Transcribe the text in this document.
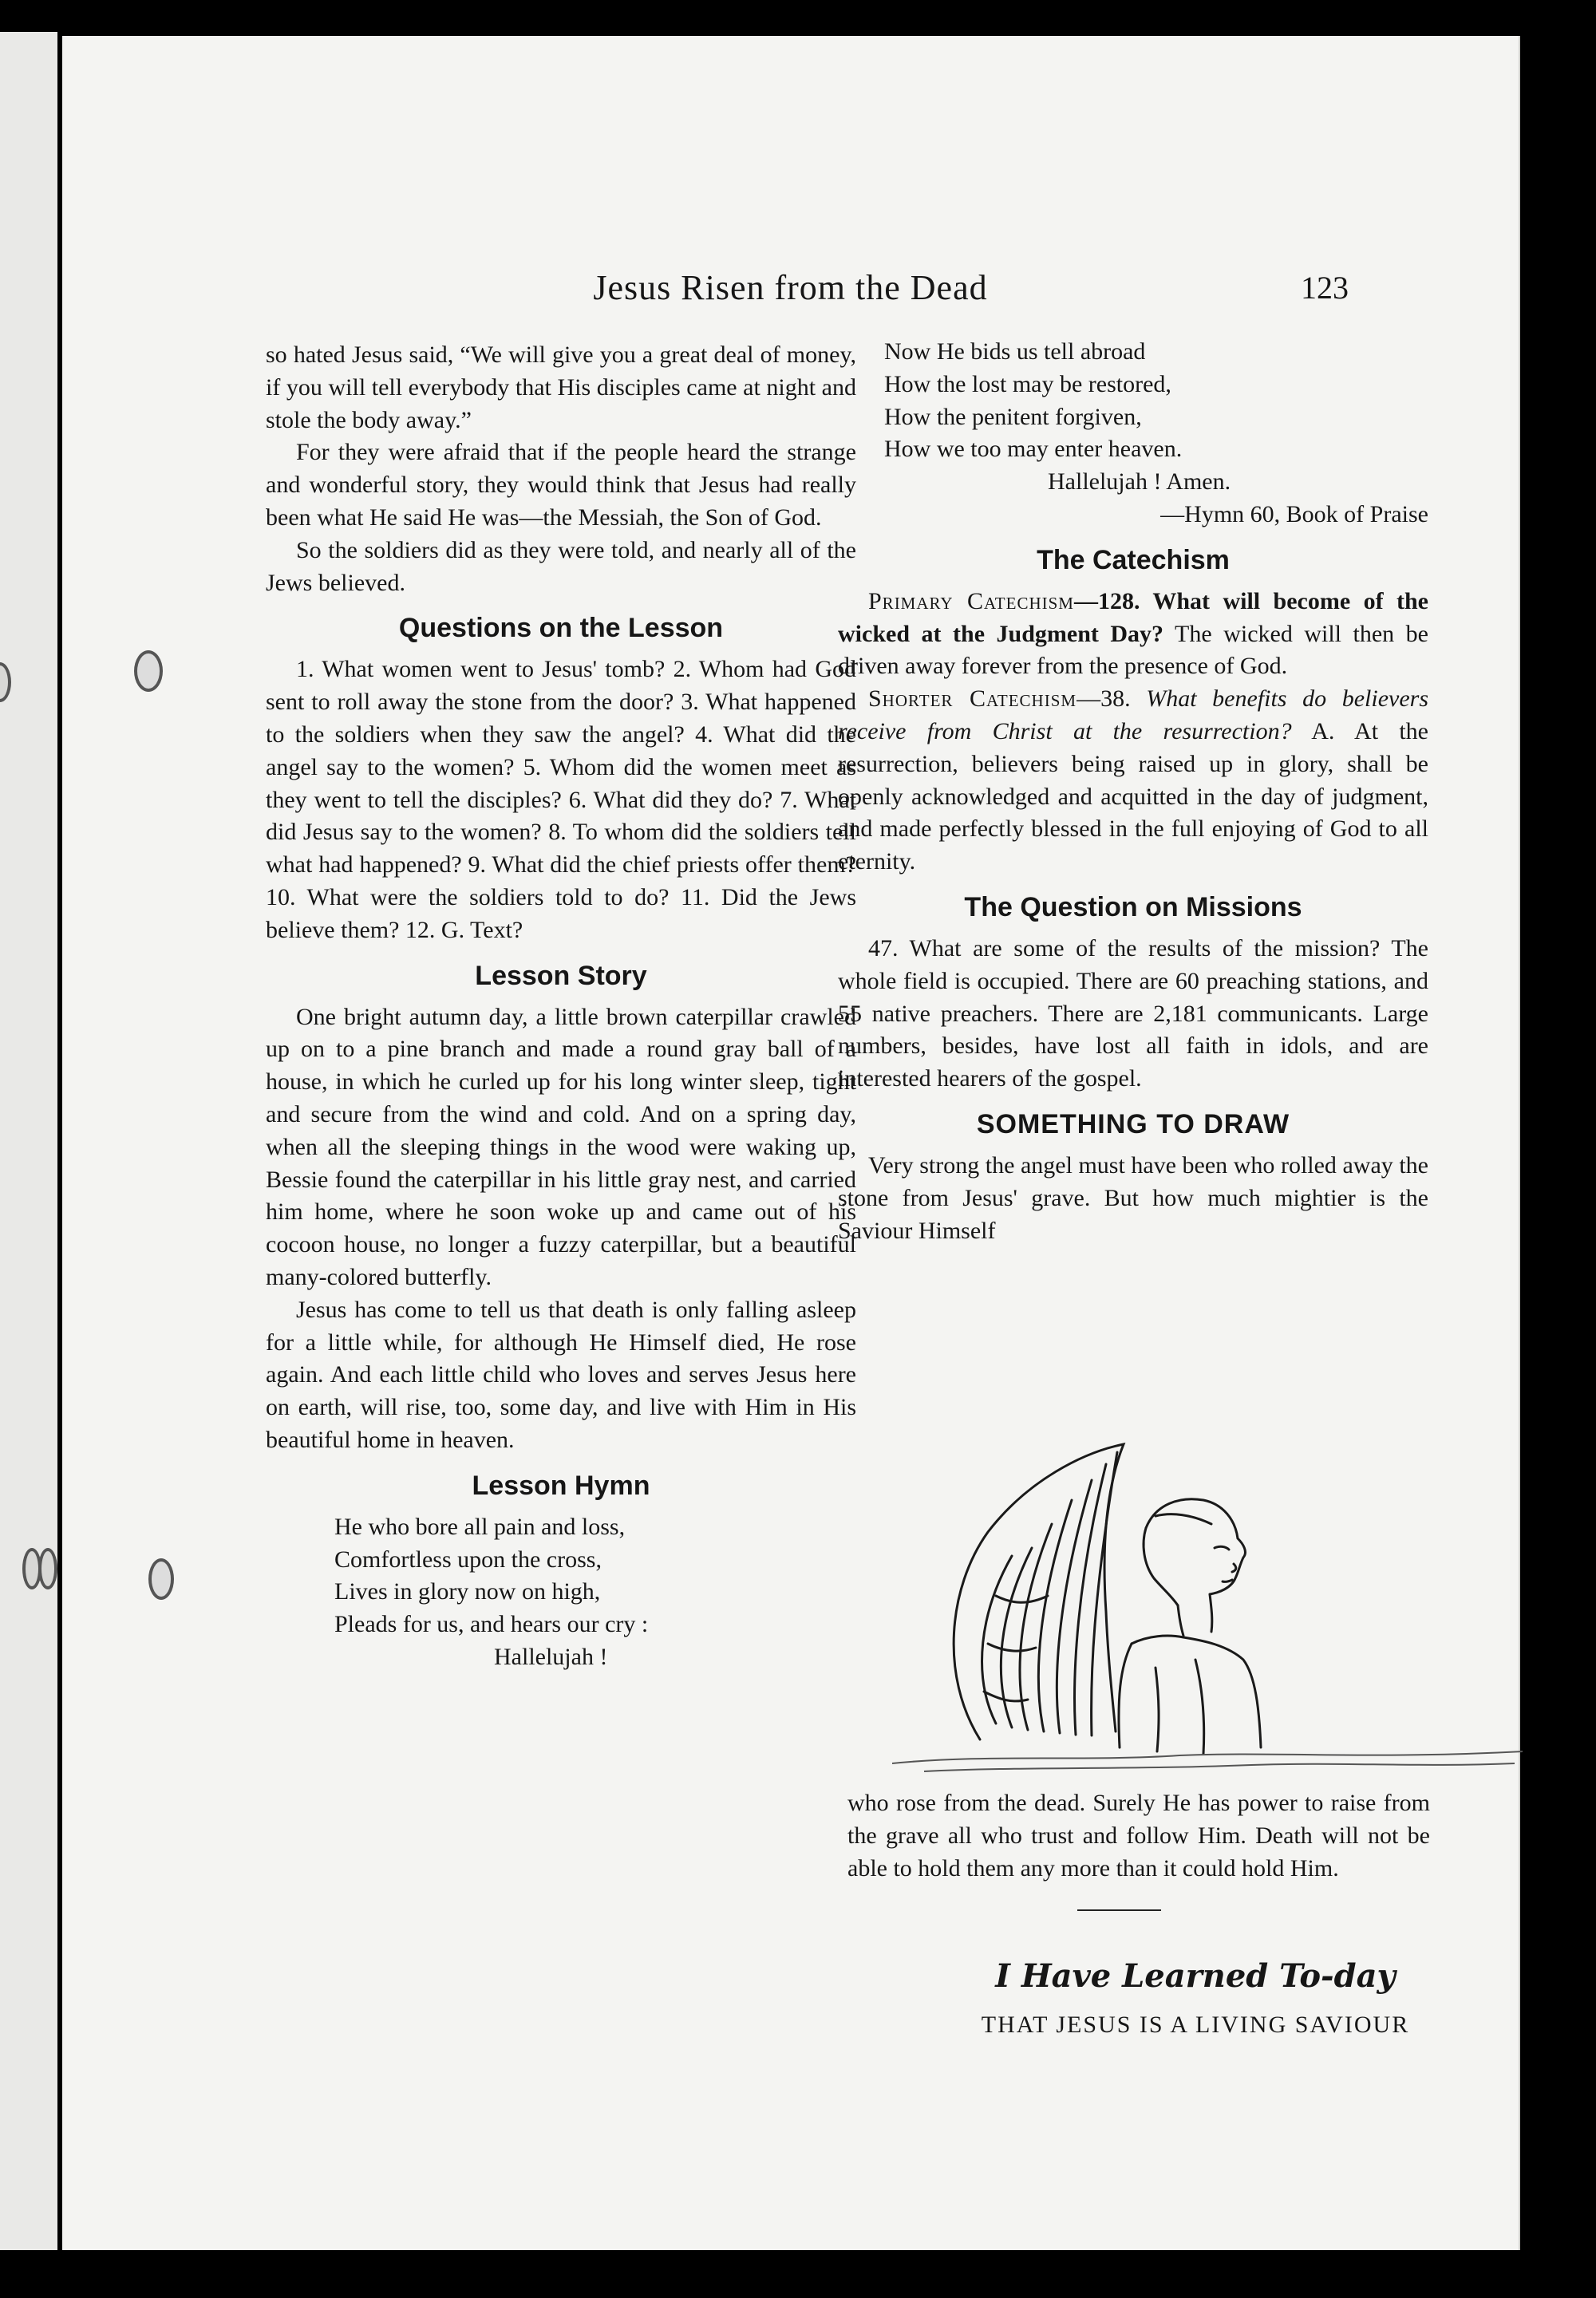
Jesus Risen from the Dead	123

so hated Jesus said, “We will give you a great deal of money, if you will tell everybody that His disciples came at night and stole the body away.”

For they were afraid that if the people heard the strange and wonderful story, they would think that Jesus had really been what He said He was—the Messiah, the Son of God.

So the soldiers did as they were told, and nearly all of the Jews believed.

Questions on the Lesson

1. What women went to Jesus' tomb? 2. Whom had God sent to roll away the stone from the door? 3. What happened to the soldiers when they saw the angel? 4. What did the angel say to the women? 5. Whom did the women meet as they went to tell the disciples? 6. What did they do? 7. What did Jesus say to the women? 8. To whom did the soldiers tell what had happened? 9. What did the chief priests offer them? 10. What were the soldiers told to do? 11. Did the Jews believe them? 12. G. Text?

Lesson Story

One bright autumn day, a little brown caterpillar crawled up on to a pine branch and made a round gray ball of a house, in which he curled up for his long winter sleep, tight and secure from the wind and cold. And on a spring day, when all the sleeping things in the wood were waking up, Bessie found the caterpillar in his little gray nest, and carried him home, where he soon woke up and came out of his cocoon house, no longer a fuzzy caterpillar, but a beautiful many-colored butterfly.

Jesus has come to tell us that death is only falling asleep for a little while, for although He Himself died, He rose again. And each little child who loves and serves Jesus here on earth, will rise, too, some day, and live with Him in His beautiful home in heaven.

Lesson Hymn
He who bore all pain and loss,
Comfortless upon the cross,
Lives in glory now on high,
Pleads for us, and hears our cry :
Hallelujah !
Now He bids us tell abroad
How the lost may be restored,
How the penitent forgiven,
How we too may enter heaven.
Hallelujah ! Amen.
—Hymn 60, Book of Praise
The Catechism

Primary Catechism—128. What will become of the wicked at the Judgment Day? The wicked will then be driven away forever from the presence of God.

Shorter Catechism—38. What benefits do believers receive from Christ at the resurrection? A. At the resurrection, believers being raised up in glory, shall be openly acknowledged and acquitted in the day of judgment, and made perfectly blessed in the full enjoying of God to all eternity.

The Question on Missions

47. What are some of the results of the mission? The whole field is occupied. There are 60 preaching stations, and 55 native preachers. There are 2,181 communicants. Large numbers, besides, have lost all faith in idols, and are interested hearers of the gospel.

SOMETHING TO DRAW

Very strong the angel must have been who rolled away the stone from Jesus' grave. But how much mightier is the Saviour Himself

who rose from the dead. Surely He has power to raise from the grave all who trust and follow Him. Death will not be able to hold them any more than it could hold Him.

I Have Learned To-day
THAT JESUS IS A LIVING SAVIOUR
